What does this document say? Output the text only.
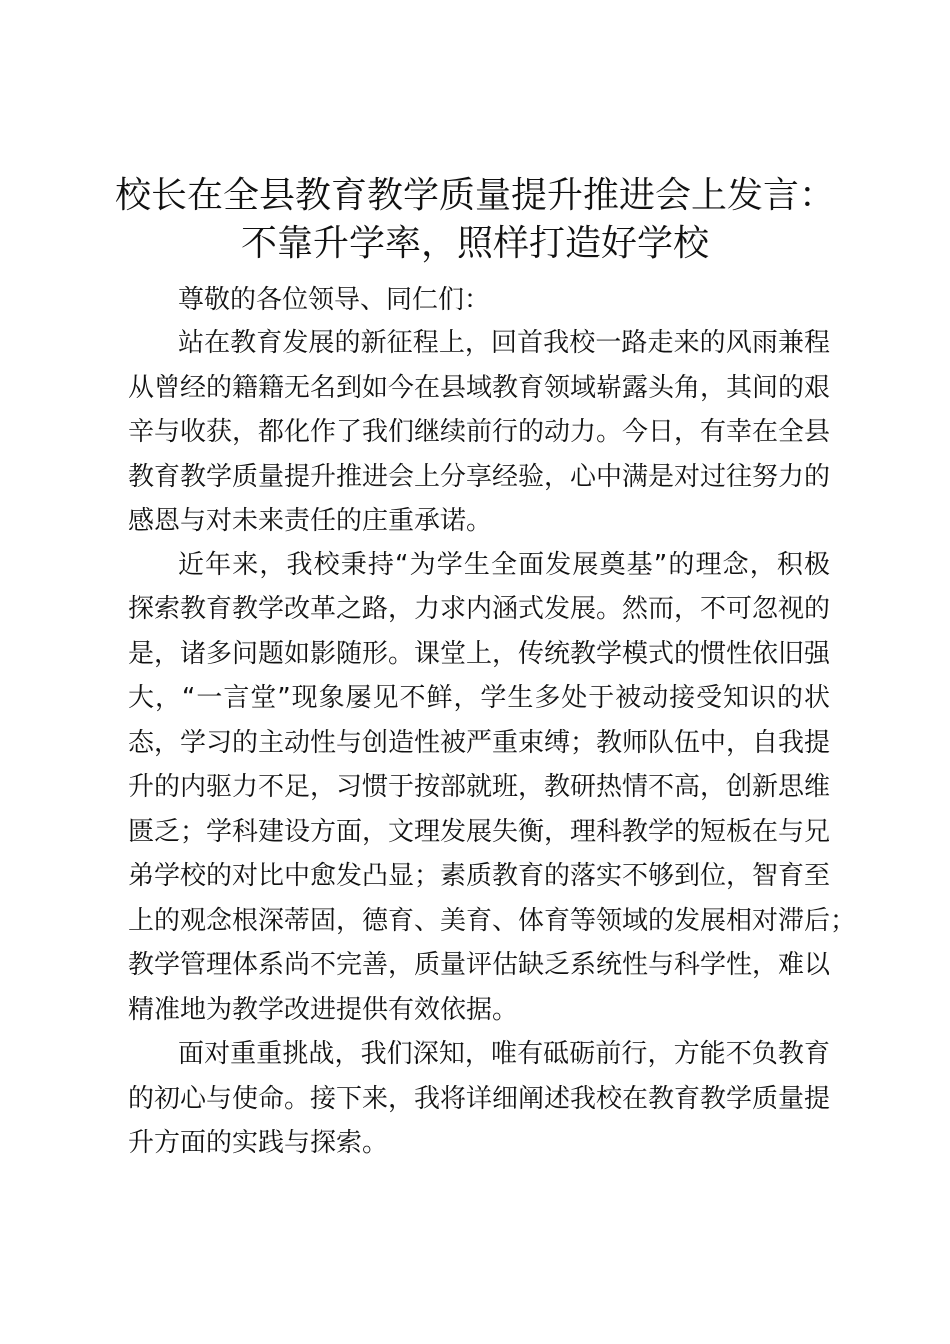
校长在全县教育教学质量提升推进会上发言：
不靠升学率，照样打造好学校

尊敬的各位领导、同仁们：

站在教育发展的新征程上，回首我校一路走来的风雨兼程

从曾经的籍籍无名到如今在县域教育领域崭露头角，其间的艰

辛与收获，都化作了我们继续前行的动力。今日，有幸在全县

教育教学质量提升推进会上分享经验，心中满是对过往努力的

感恩与对未来责任的庄重承诺。

近年来，我校秉持“为学生全面发展奠基”的理念，积极

探索教育教学改革之路，力求内涵式发展。然而，不可忽视的

是，诸多问题如影随形。课堂上，传统教学模式的惯性依旧强

大，“一言堂”现象屡见不鲜，学生多处于被动接受知识的状

态，学习的主动性与创造性被严重束缚；教师队伍中，自我提

升的内驱力不足，习惯于按部就班，教研热情不高，创新思维

匮乏；学科建设方面，文理发展失衡，理科教学的短板在与兄

弟学校的对比中愈发凸显；素质教育的落实不够到位，智育至

上的观念根深蒂固，德育、美育、体育等领域的发展相对滞后；

教学管理体系尚不完善，质量评估缺乏系统性与科学性，难以

精准地为教学改进提供有效依据。

面对重重挑战，我们深知，唯有砥砺前行，方能不负教育

的初心与使命。接下来，我将详细阐述我校在教育教学质量提

升方面的实践与探索。
